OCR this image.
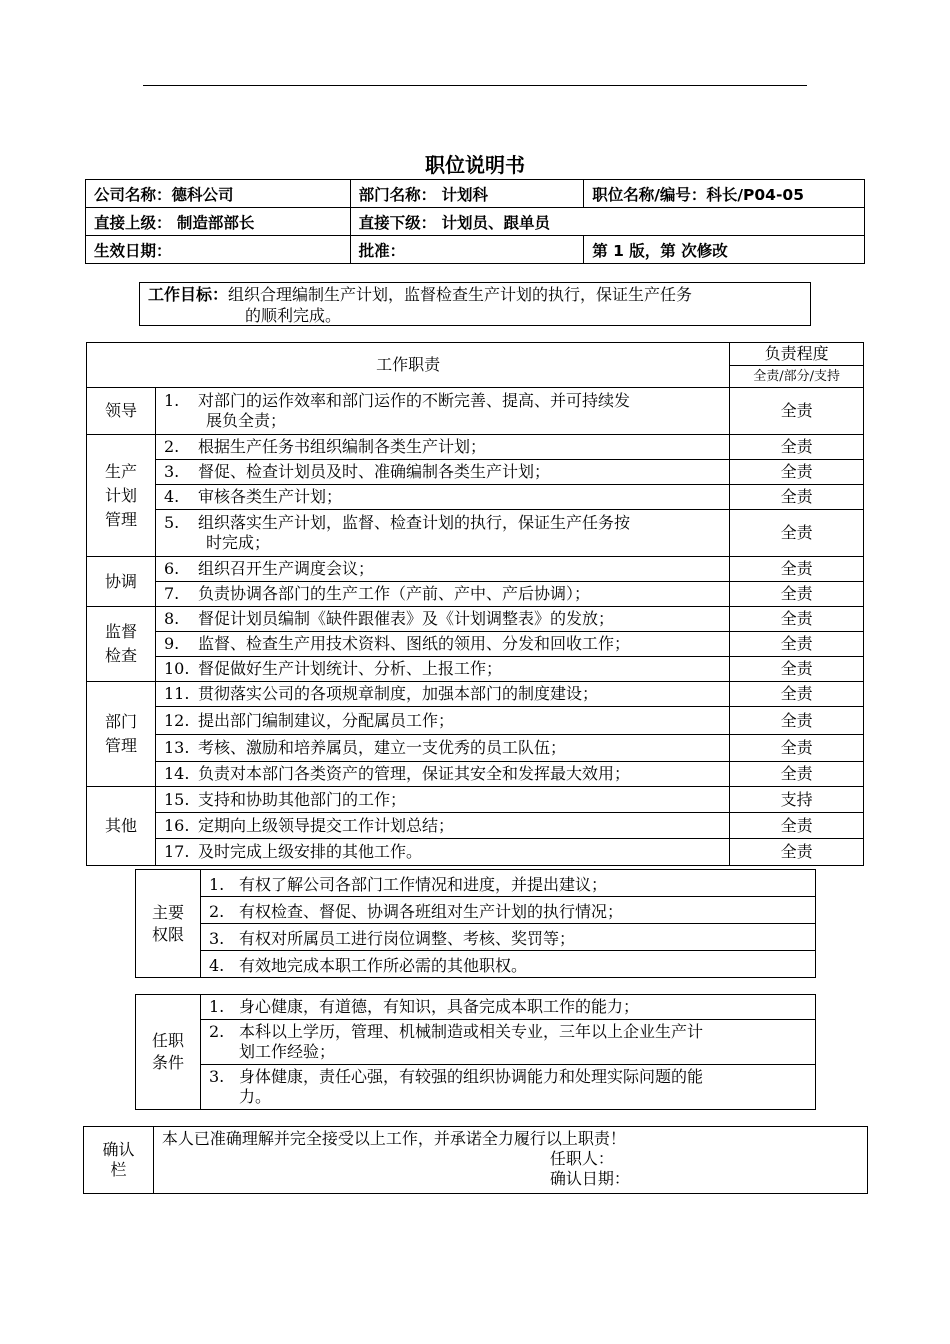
职位说明书
公司名称：德科公司	部门名称： 计划科	职位名称/编号：科长/P04-05
直接上级： 制造部部长	直接下级： 计划员、跟单员	
生效日期：	批准：	第 1 版，第 次修改
工作目标：组织合理编制生产计划，监督检查生产计划的执行，保证生产任务
的顺利完成。
工作职责		负责程度
		全责/部分/支持
领导	1. 对部门的运作效率和部门运作的不断完善、提高、并可持续发
展负全责；	全责
生产计划管理	2. 根据生产任务书组织编制各类生产计划；	全责
	3. 督促、检查计划员及时、准确编制各类生产计划；	全责
	4. 审核各类生产计划；	全责
	5. 组织落实生产计划，监督、检查计划的执行，保证生产任务按
时完成；	全责
协调	6. 组织召开生产调度会议；	全责
	7. 负责协调各部门的生产工作（产前、产中、产后协调）；	全责
监督检查	8. 督促计划员编制《缺件跟催表》及《计划调整表》的发放；	全责
	9. 监督、检查生产用技术资料、图纸的领用、分发和回收工作；	全责
	10. 督促做好生产计划统计、分析、上报工作；	全责
部门管理	11. 贯彻落实公司的各项规章制度，加强本部门的制度建设；	全责
	12. 提出部门编制建议，分配属员工作；	全责
	13. 考核、激励和培养属员，建立一支优秀的员工队伍；	全责
	14. 负责对本部门各类资产的管理，保证其安全和发挥最大效用；	全责
其他	15. 支持和协助其他部门的工作；	支持
	16. 定期向上级领导提交工作计划总结；	全责
	17. 及时完成上级安排的其他工作。	全责
主要权限	1. 有权了解公司各部门工作情况和进度，并提出建议；
2. 有权检查、督促、协调各班组对生产计划的执行情况；
3. 有权对所属员工进行岗位调整、考核、奖罚等；
4. 有效地完成本职工作所必需的其他职权。
任职条件	1. 身心健康，有道德，有知识，具备完成本职工作的能力；
2. 本科以上学历，管理、机械制造或相关专业，三年以上企业生产计
划工作经验；

3. 身体健康，责任心强，有较强的组织协调能力和处理实际问题的能
力。
确认栏	
本人已准确理解并完全接受以上工作，并承诺全力履行以上职责！
任职人：
确认日期：
